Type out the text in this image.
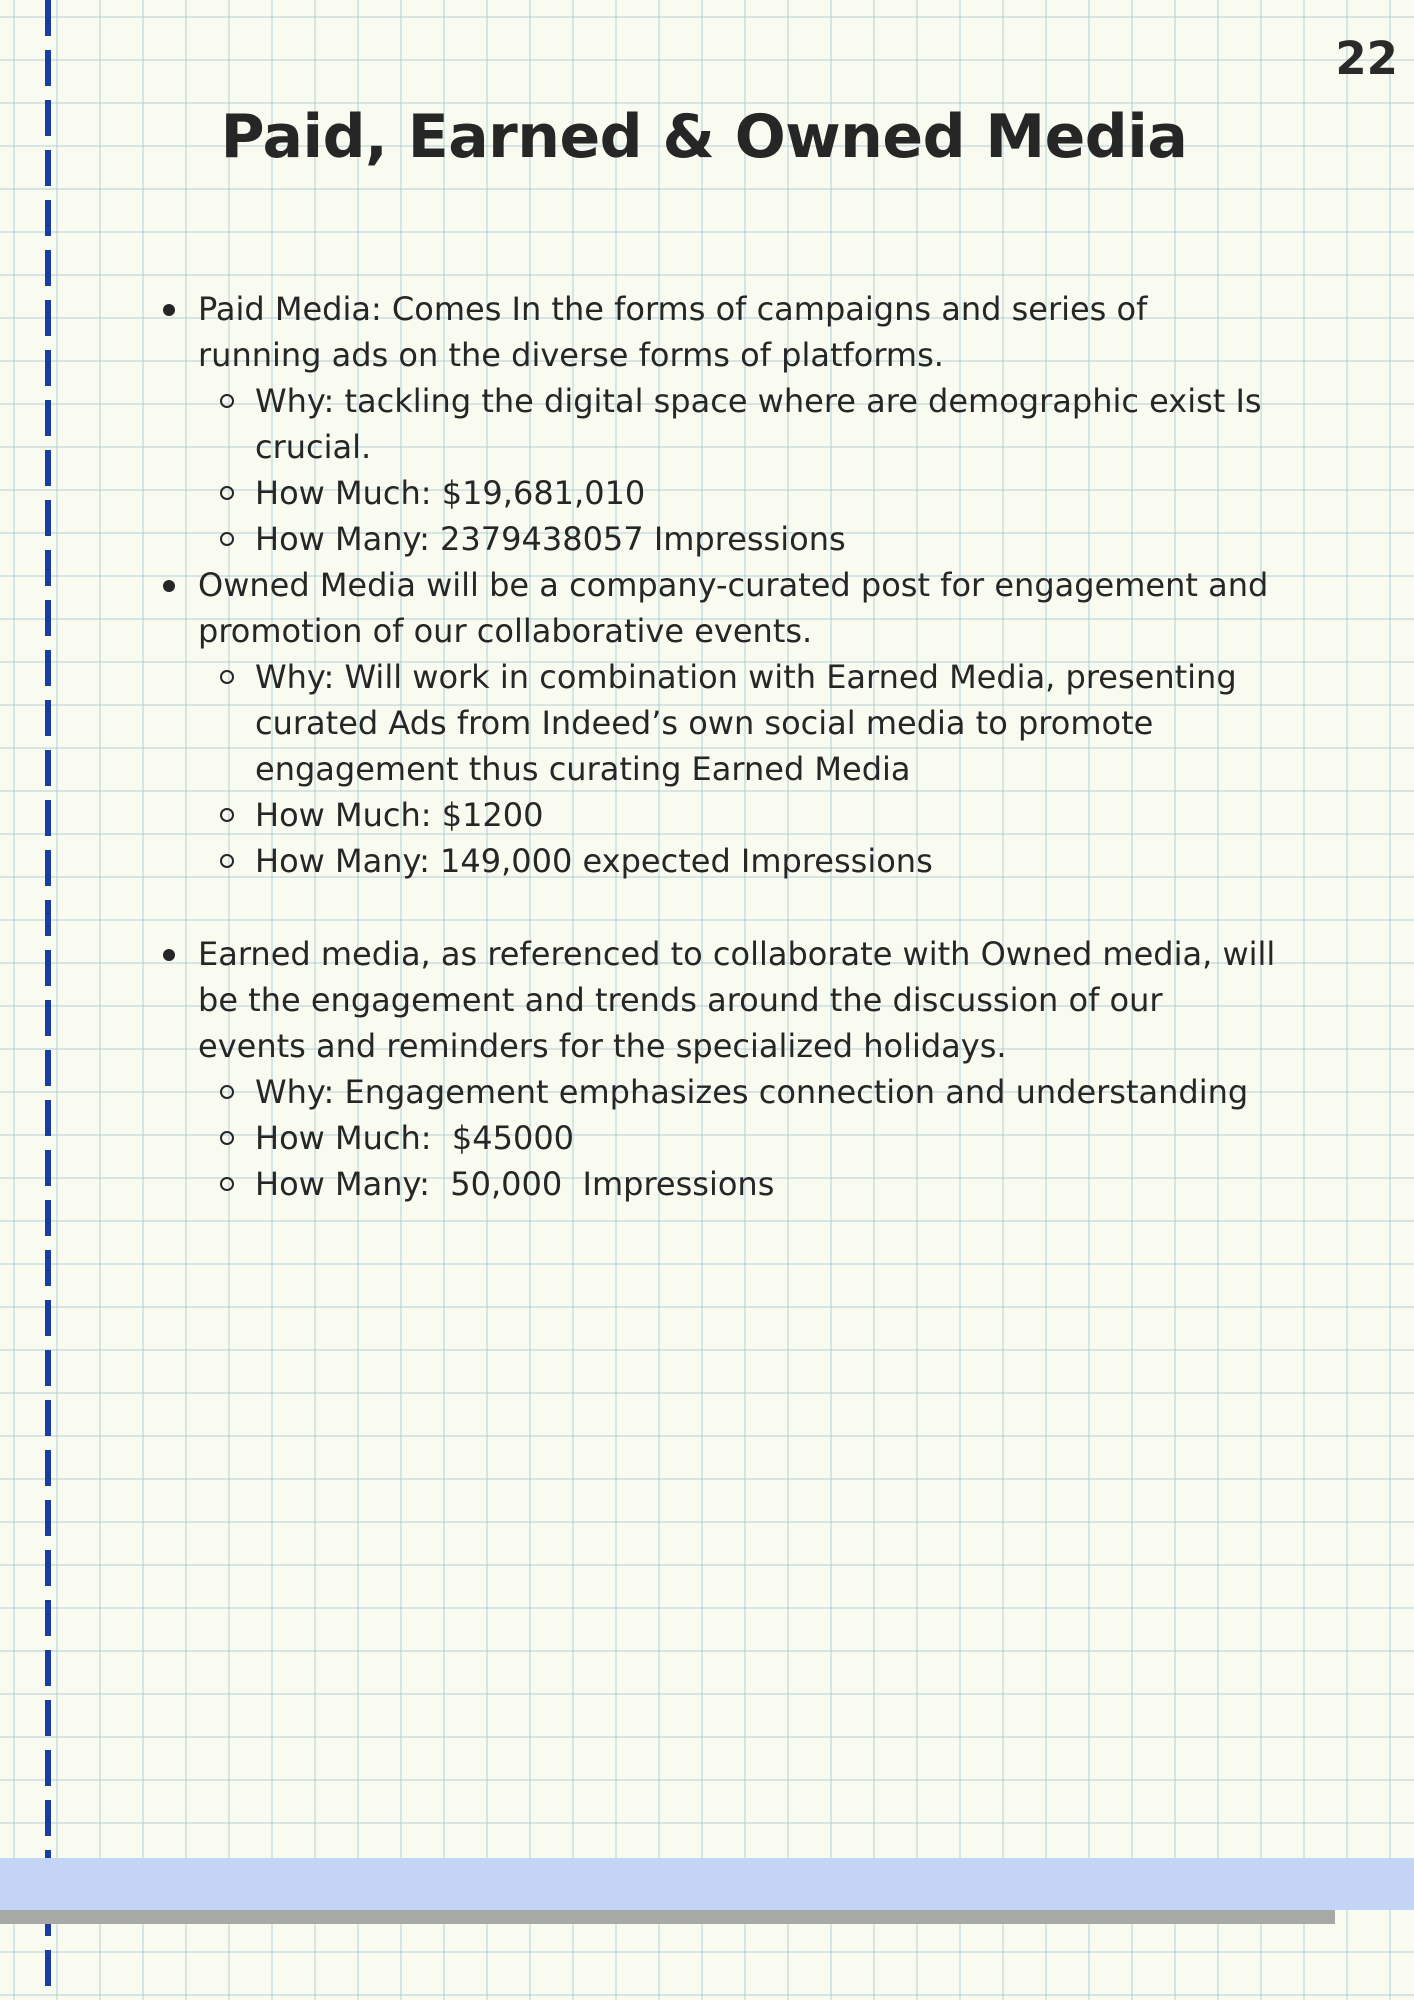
22
Paid, Earned & Owned Media
Paid Media: Comes In the forms of campaigns and series of running ads on the diverse forms of platforms.
Why: tackling the digital space where are demographic exist Is crucial.
How Much: $19,681,010
How Many: 2379438057 Impressions
Owned Media will be a company-curated post for engagement and promotion of our collaborative events.
Why: Will work in combination with Earned Media, presenting curated Ads from Indeed’s own social media to promote engagement thus curating Earned Media
How Much: $1200
How Many: 149,000 expected Impressions
Earned media, as referenced to collaborate with Owned media, will be the engagement and trends around the discussion of our events and reminders for the specialized holidays.
Why: Engagement emphasizes connection and understanding
How Much:  $45000
How Many:  50,000  Impressions
